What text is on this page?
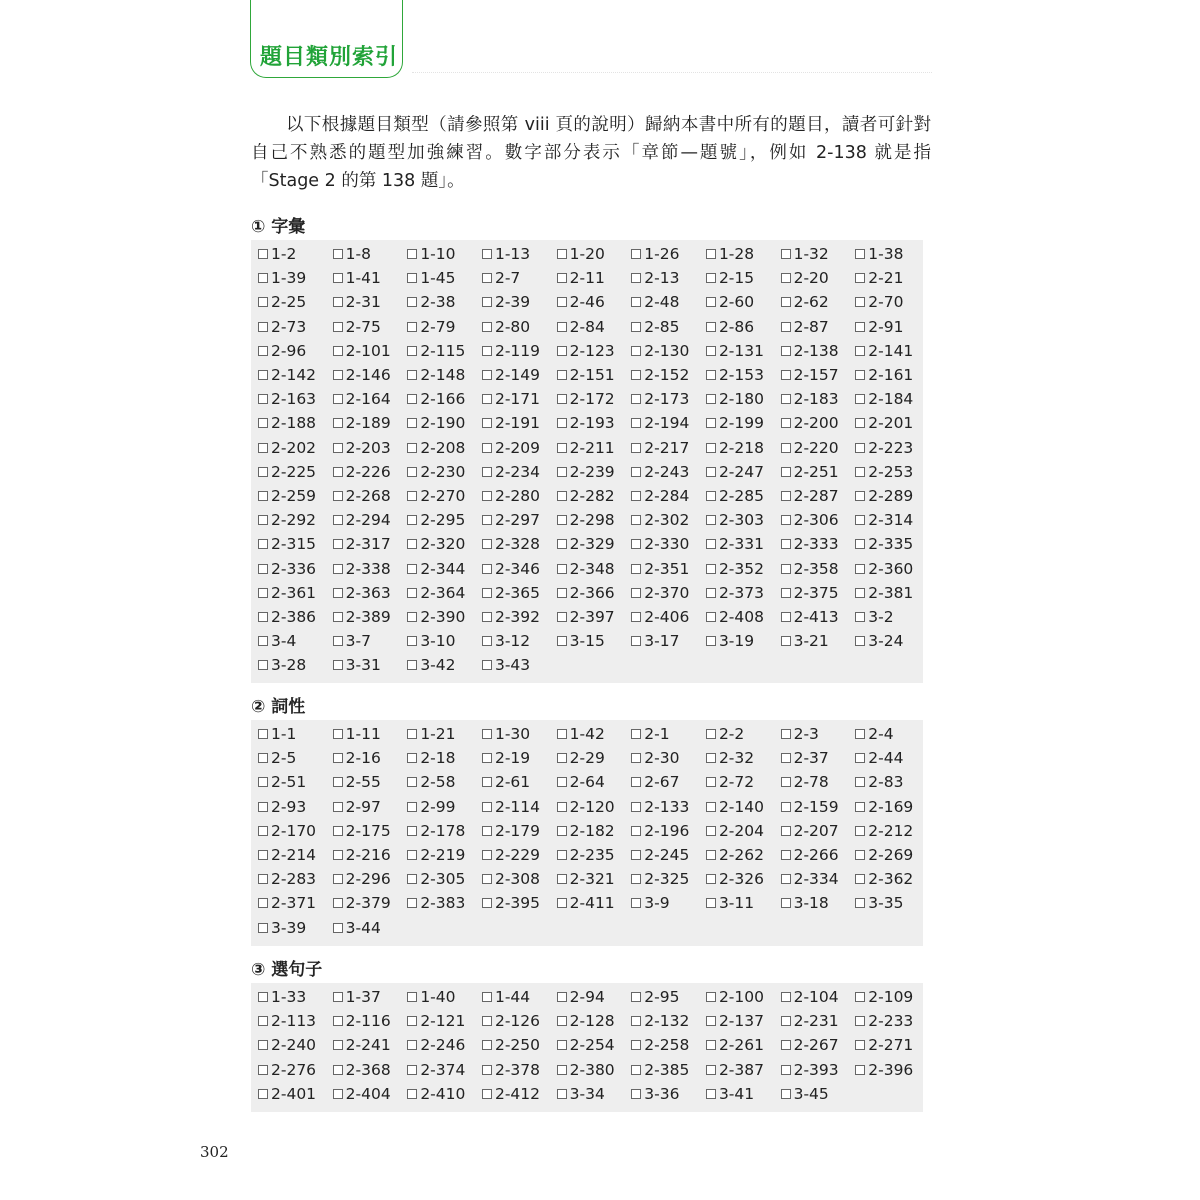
題目類別索引
以下根據題目類型（請參照第 viii 頁的說明）歸納本書中所有的題目，讀者可針對自己不熟悉的題型加強練習。數字部分表示「章節—題號」，例如 2-138 就是指「Stage 2 的第 138 題」。
① 字彙
1-2	1-8	1-10	1-13	1-20	1-26	1-28	1-32	1-38
1-39	1-41	1-45	2-7	2-11	2-13	2-15	2-20	2-21
2-25	2-31	2-38	2-39	2-46	2-48	2-60	2-62	2-70
2-73	2-75	2-79	2-80	2-84	2-85	2-86	2-87	2-91
2-96	2-101 2-115 2-119 2-123 2-130 2-131 2-138 2-141
2-142 2-146 2-148 2-149 2-151 2-152 2-153 2-157 2-161
2-163 2-164 2-166 2-171 2-172 2-173 2-180 2-183 2-184
2-188 2-189 2-190 2-191 2-193 2-194 2-199 2-200 2-201
2-202 2-203 2-208 2-209 2-211 2-217 2-218 2-220 2-223
2-225 2-226 2-230 2-234 2-239 2-243 2-247 2-251 2-253
2-259 2-268 2-270 2-280 2-282 2-284 2-285 2-287 2-289
2-292 2-294 2-295 2-297 2-298 2-302 2-303 2-306 2-314
2-315 2-317 2-320 2-328 2-329 2-330 2-331 2-333 2-335
2-336 2-338 2-344 2-346 2-348 2-351 2-352 2-358 2-360
2-361 2-363 2-364 2-365 2-366 2-370 2-373 2-375 2-381
2-386 2-389 2-390 2-392 2-397 2-406 2-408 2-413 3-2
3-4	3-7	3-10	3-12	3-15	3-17	3-19	3-21	3-24
3-28	3-31	3-42	3-43
② 詞性
1-1	1-11	1-21	1-30	1-42	2-1	2-2	2-3	2-4
2-5	2-16	2-18	2-19	2-29	2-30	2-32	2-37	2-44
2-51	2-55	2-58	2-61	2-64	2-67	2-72	2-78	2-83
2-93	2-97	2-99	2-114 2-120 2-133 2-140 2-159 2-169
2-170 2-175 2-178 2-179 2-182 2-196 2-204 2-207 2-212
2-214 2-216 2-219 2-229 2-235 2-245 2-262 2-266 2-269
2-283 2-296 2-305 2-308 2-321 2-325 2-326 2-334 2-362
2-371 2-379 2-383 2-395 2-411 3-9	3-11	3-18	3-35
3-39	3-44
③ 選句子
1-33	1-37	1-40	1-44	2-94	2-95	2-100 2-104 2-109
2-113 2-116 2-121 2-126 2-128 2-132 2-137 2-231 2-233
2-240 2-241 2-246 2-250 2-254 2-258 2-261 2-267 2-271
2-276 2-368 2-374 2-378 2-380 2-385 2-387 2-393 2-396
2-401 2-404 2-410 2-412 3-34	3-36	3-41	3-45
302
